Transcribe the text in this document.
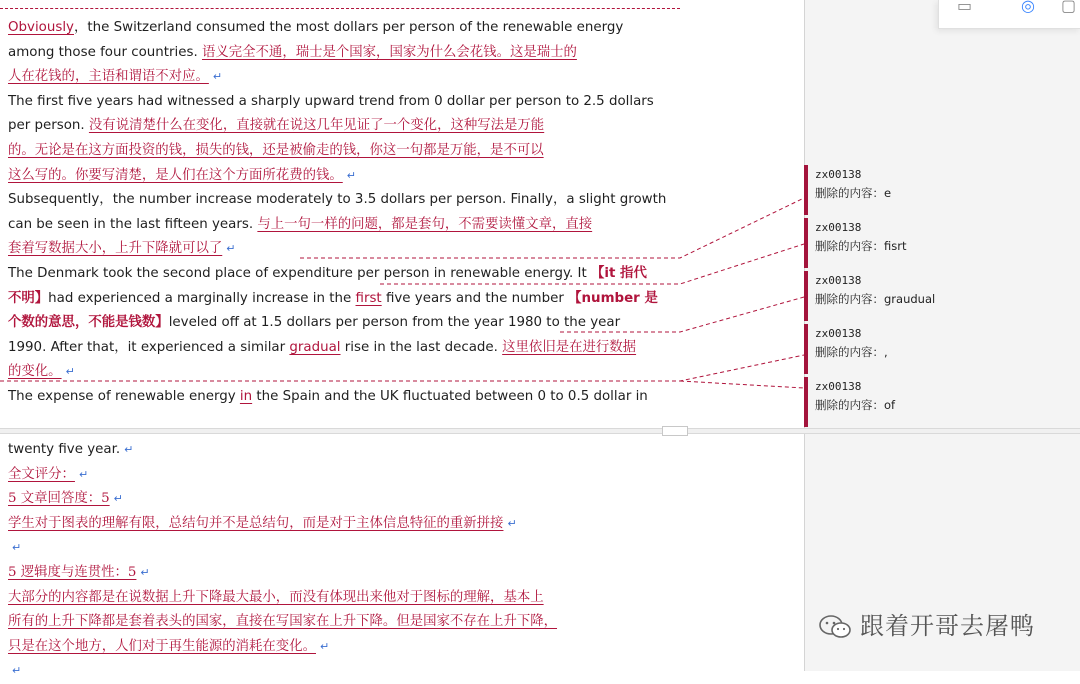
Obviously，the Switzerland consumed the most dollars per person of the renewable energy
among those four countries. 语义完全不通，瑞士是个国家，国家为什么会花钱。这是瑞士的
人在花钱的，主语和谓语不对应。 ↵
The first five years had witnessed a sharply upward trend from 0 dollar per person to 2.5 dollars
per person. 没有说清楚什么在变化，直接就在说这几年见证了一个变化，这种写法是万能
的。无论是在这方面投资的钱，损失的钱，还是被偷走的钱，你这一句都是万能，是不可以
这么写的。你要写清楚，是人们在这个方面所花费的钱。 ↵
Subsequently，the number increase moderately to 3.5 dollars per person. Finally，a slight growth
can be seen in the last fifteen years. 与上一句一样的问题，都是套句，不需要读懂文章，直接
套着写数据大小，上升下降就可以了 ↵
The Denmark took the second place of expenditure per person in renewable energy. It 【it 指代
不明】had experienced a marginally increase in the first five years and the number 【number 是
个数的意思，不能是钱数】leveled off at 1.5 dollars per person from the year 1980 to the year
1990. After that，it experienced a similar gradual rise in the last decade. 这里依旧是在进行数据
的变化。 ↵
The expense of renewable energy in the Spain and the UK fluctuated between 0 to 0.5 dollar in
twenty five year. ↵
全文评分： ↵
5 文章回答度：5 ↵
学生对于图表的理解有限，总结句并不是总结句，而是对于主体信息特征的重新拼接 ↵
↵
5 逻辑度与连贯性：5 ↵
大部分的内容都是在说数据上升下降最大最小，而没有体现出来他对于图标的理解，基本上
所有的上升下降都是套着表头的国家，直接在写国家在上升下降。但是国家不存在上升下降，
只是在这个地方，人们对于再生能源的消耗在变化。 ↵
↵
▭	◎ ▢
zx00138
删除的内容：e
zx00138
删除的内容：fisrt
zx00138
删除的内容：graudual
zx00138
删除的内容：,
zx00138
删除的内容：of
跟着开哥去屠鸭
